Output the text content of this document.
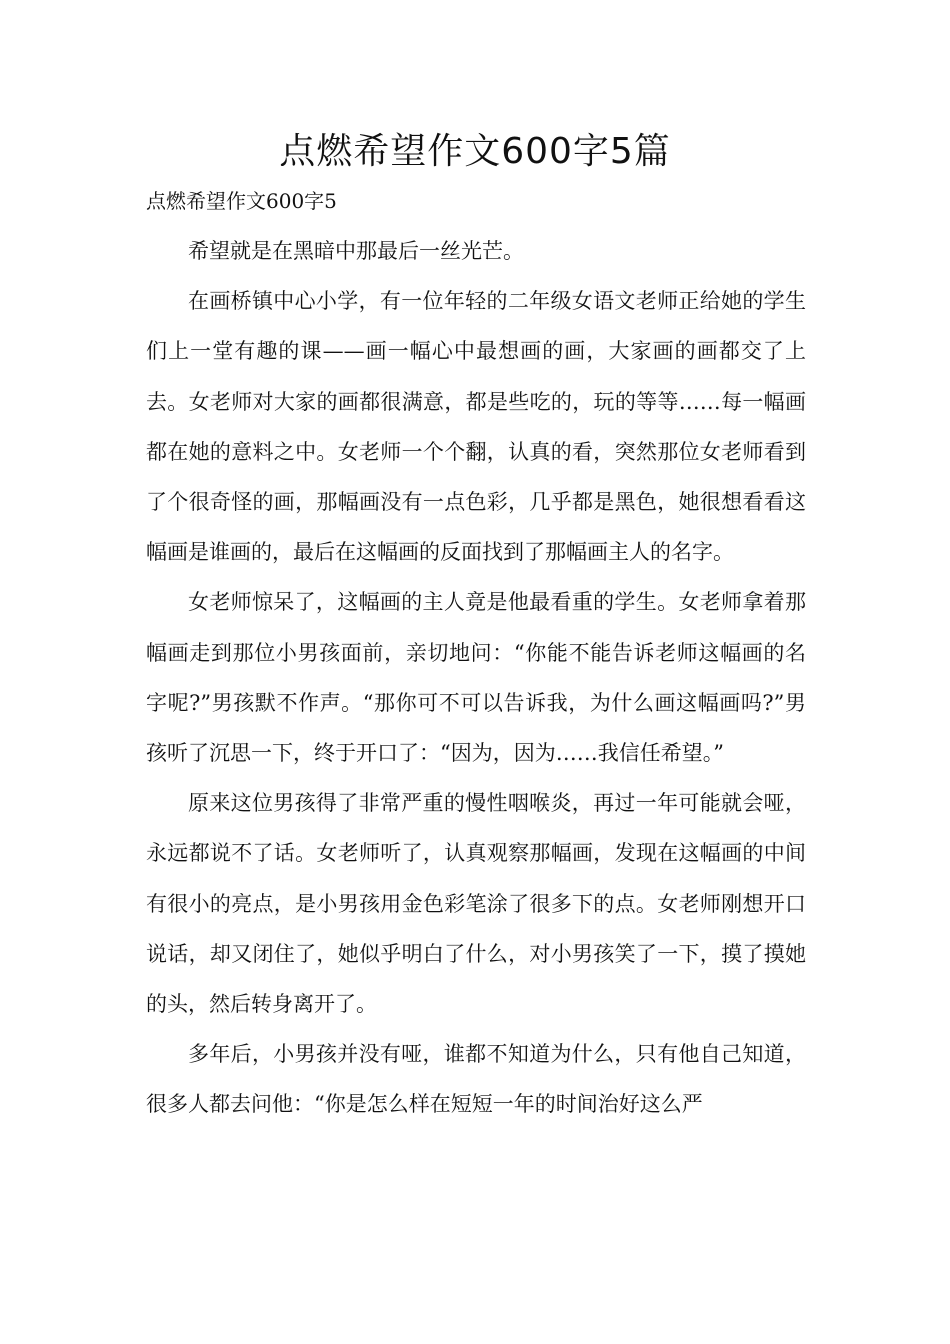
点燃希望作文600字5篇

点燃希望作文600字5

希望就是在黑暗中那最后一丝光芒。

在画桥镇中心小学，有一位年轻的二年级女语文老师正给她的学生们上一堂有趣的课——画一幅心中最想画的画，大家画的画都交了上去。女老师对大家的画都很满意，都是些吃的，玩的等等……每一幅画都在她的意料之中。女老师一个个翻，认真的看，突然那位女老师看到了个很奇怪的画，那幅画没有一点色彩，几乎都是黑色，她很想看看这幅画是谁画的，最后在这幅画的反面找到了那幅画主人的名字。

女老师惊呆了，这幅画的主人竟是他最看重的学生。女老师拿着那幅画走到那位小男孩面前，亲切地问：“你能不能告诉老师这幅画的名字呢?”男孩默不作声。“那你可不可以告诉我，为什么画这幅画吗?”男孩听了沉思一下，终于开口了：“因为，因为……我信任希望。”

原来这位男孩得了非常严重的慢性咽喉炎，再过一年可能就会哑，永远都说不了话。女老师听了，认真观察那幅画，发现在这幅画的中间有很小的亮点，是小男孩用金色彩笔涂了很多下的点。女老师刚想开口说话，却又闭住了，她似乎明白了什么，对小男孩笑了一下，摸了摸她的头，然后转身离开了。

多年后，小男孩并没有哑，谁都不知道为什么，只有他自己知道，很多人都去问他：“你是怎么样在短短一年的时间治好这么严
